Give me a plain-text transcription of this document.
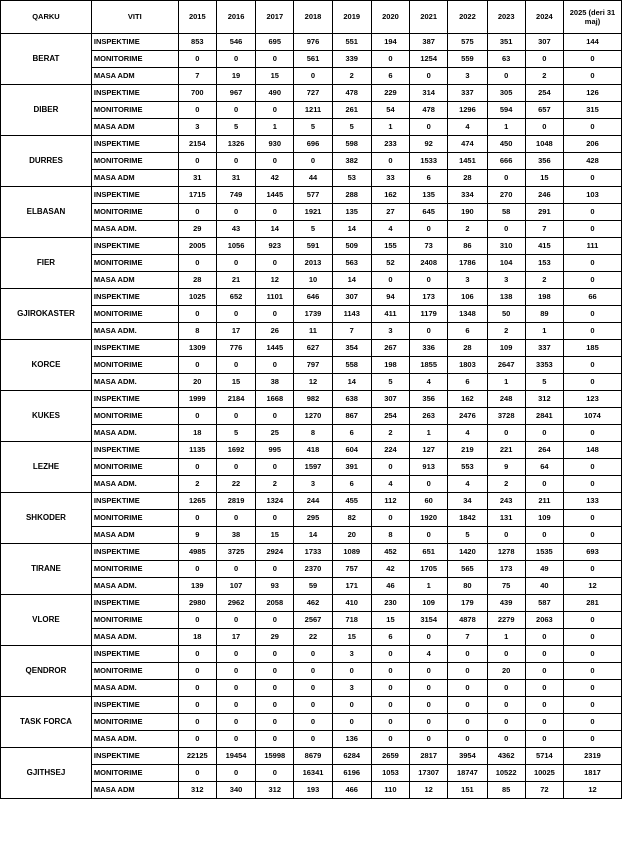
QARKU	VITI	2015	2016	2017	2018	2019	2020	2021	2022	2023	2024	2025 (deri 31 maj)
BERAT	INSPEKTIME	853	546	695	976	551	194	387	575	351	307	144
	MONITORIME	0	0	0	561	339	0	1254	559	63	0	0
	MASA ADM	7	19	15	0	2	6	0	3	0	2	0
DIBER	INSPEKTIME	700	967	490	727	478	229	314	337	305	254	126
	MONITORIME	0	0	0	1211	261	54	478	1296	594	657	315
	MASA ADM	3	5	1	5	5	1	0	4	1	0	0
DURRES	INSPEKTIME	2154	1326	930	696	598	233	92	474	450	1048	206
	MONITORIME	0	0	0	0	382	0	1533	1451	666	356	428
	MASA ADM	31	31	42	44	53	33	6	28	0	15	0
ELBASAN	INSPEKTIME	1715	749	1445	577	288	162	135	334	270	246	103
	MONITORIME	0	0	0	1921	135	27	645	190	58	291	0
	MASA ADM.	29	43	14	5	14	4	0	2	0	7	0
FIER	INSPEKTIME	2005	1056	923	591	509	155	73	86	310	415	111
	MONITORIME	0	0	0	2013	563	52	2408	1786	104	153	0
	MASA ADM	28	21	12	10	14	0	0	3	3	2	0
GJIROKASTER	INSPEKTIME	1025	652	1101	646	307	94	173	106	138	198	66
	MONITORIME	0	0	0	1739	1143	411	1179	1348	50	89	0
	MASA ADM.	8	17	26	11	7	3	0	6	2	1	0
KORCE	INSPEKTIME	1309	776	1445	627	354	267	336	28	109	337	185
	MONITORIME	0	0	0	797	558	198	1855	1803	2647	3353	0
	MASA ADM.	20	15	38	12	14	5	4	6	1	5	0
KUKES	INSPEKTIME	1999	2184	1668	982	638	307	356	162	248	312	123
	MONITORIME	0	0	0	1270	867	254	263	2476	3728	2841	1074
	MASA ADM.	18	5	25	8	6	2	1	4	0	0	0
LEZHE	INSPEKTIME	1135	1692	995	418	604	224	127	219	221	264	148
	MONITORIME	0	0	0	1597	391	0	913	553	9	64	0
	MASA ADM.	2	22	2	3	6	4	0	4	2	0	0
SHKODER	INSPEKTIME	1265	2819	1324	244	455	112	60	34	243	211	133
	MONITORIME	0	0	0	295	82	0	1920	1842	131	109	0
	MASA ADM	9	38	15	14	20	8	0	5	0	0	0
TIRANE	INSPEKTIME	4985	3725	2924	1733	1089	452	651	1420	1278	1535	693
	MONITORIME	0	0	0	2370	757	42	1705	565	173	49	0
	MASA ADM.	139	107	93	59	171	46	1	80	75	40	12
VLORE	INSPEKTIME	2980	2962	2058	462	410	230	109	179	439	587	281
	MONITORIME	0	0	0	2567	718	15	3154	4878	2279	2063	0
	MASA ADM.	18	17	29	22	15	6	0	7	1	0	0
QENDROR	INSPEKTIME	0	0	0	0	3	0	4	0	0	0	0
	MONITORIME	0	0	0	0	0	0	0	0	20	0	0
	MASA ADM.	0	0	0	0	3	0	0	0	0	0	0
TASK FORCA	INSPEKTIME	0	0	0	0	0	0	0	0	0	0	0
	MONITORIME	0	0	0	0	0	0	0	0	0	0	0
	MASA ADM.	0	0	0	0	136	0	0	0	0	0	0
GJITHSEJ	INSPEKTIME	22125	19454	15998	8679	6284	2659	2817	3954	4362	5714	2319
	MONITORIME	0	0	0	16341	6196	1053	17307	18747	10522	10025	1817
	MASA ADM	312	340	312	193	466	110	12	151	85	72	12
